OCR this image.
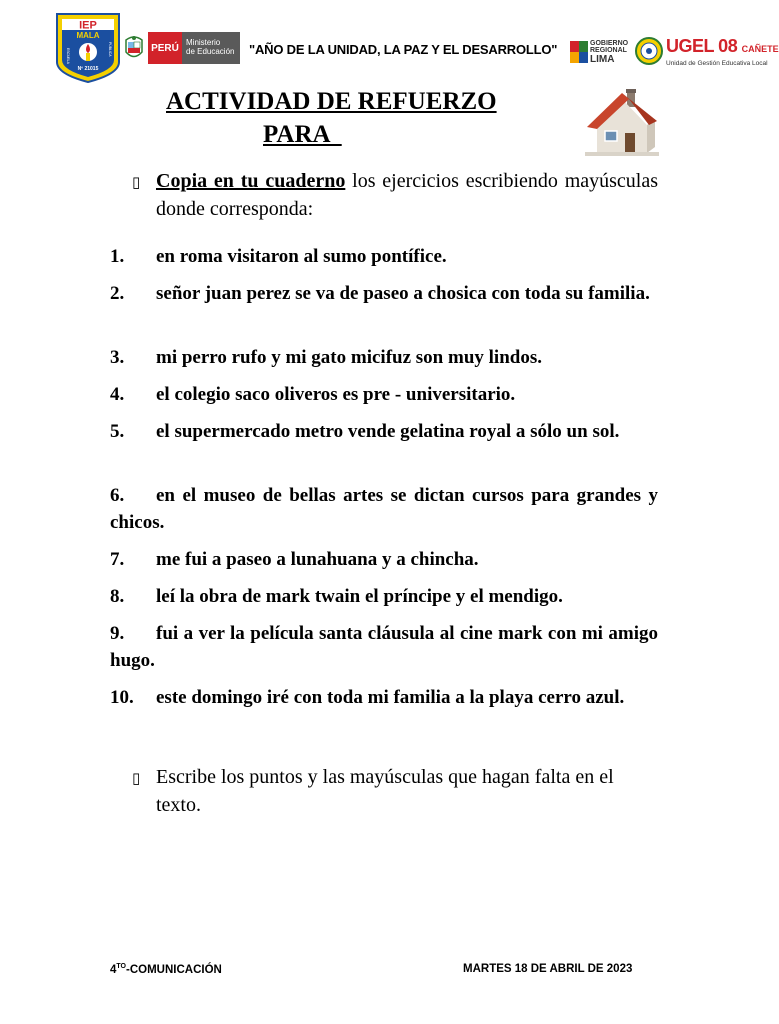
IEP
MALA
ESCUELA	PÚBLICA
Nº 21015
PERÚ Ministerio
de Educación	"AÑO DE LA UNIDAD, LA PAZ Y EL DESARROLLO"	GOBIERNO
REGIONAL
LIMA
UGEL 08 CAÑETE
Unidad de Gestión Educativa Local
ACTIVIDAD DE REFUERZO
PARA
▯ Copia en tu cuaderno los ejercicios escribiendo mayúsculas donde corresponda:
1. en roma visitaron al sumo pontífice.
2. señor juan perez se va de paseo a chosica con toda su familia.
3. mi perro rufo y mi gato micifuz son muy lindos.
4. el colegio saco oliveros es pre - universitario.
5. el supermercado metro vende gelatina royal a sólo un sol.
6. en el museo de bellas artes se dictan cursos para grandes y chicos.
7. me fui a paseo a lunahuana y a chincha.
8. leí la obra de mark twain el príncipe y el mendigo.
9. fui a ver la película santa cláusula al cine mark con mi amigo hugo.
10. este domingo iré con toda mi familia a la playa cerro azul.
▯ Escribe los puntos y las mayúsculas que hagan falta en el texto.
$4^{TO}$-COMUNICACIÓN	MARTES 18 DE ABRIL DE 2023
